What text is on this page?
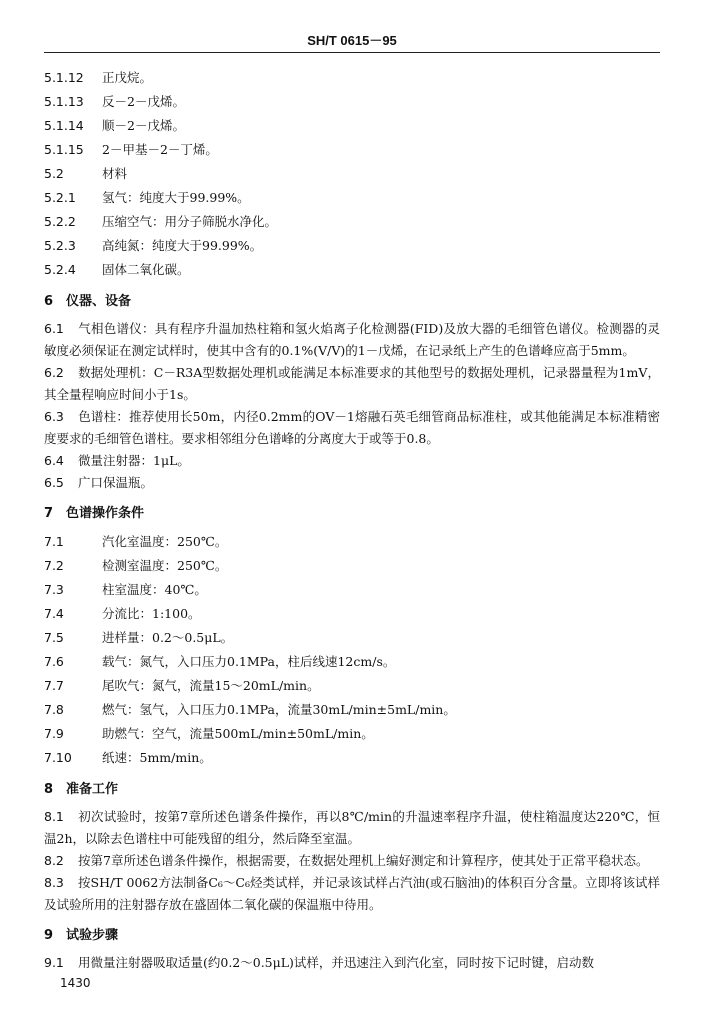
SH/T 0615－95
5.1.12 正戊烷。
5.1.13 反－2－戊烯。
5.1.14 顺－2－戊烯。
5.1.15 2－甲基－2－丁烯。
5.2	材料
5.2.1 氢气：纯度大于99.99%。
5.2.2 压缩空气：用分子筛脱水净化。
5.2.3 高纯氮：纯度大于99.99%。
5.2.4 固体二氧化碳。
6 仪器、设备
6.1 气相色谱仪：具有程序升温加热柱箱和氢火焰离子化检测器(FID)及放大器的毛细管色谱仪。检测器的灵敏度必须保证在测定试样时，使其中含有的0.1%(V/V)的1－戊烯，在记录纸上产生的色谱峰应高于5mm。
6.2 数据处理机：C－R3A型数据处理机或能满足本标准要求的其他型号的数据处理机，记录器量程为1mV，其全量程响应时间小于1s。
6.3 色谱柱：推荐使用长50m，内径0.2mm的OV－1熔融石英毛细管商品标准柱，或其他能满足本标准精密度要求的毛细管色谱柱。要求相邻组分色谱峰的分离度大于或等于0.8。
6.4 微量注射器：1μL。
6.5 广口保温瓶。
7 色谱操作条件
7.1	汽化室温度：250℃。
7.2	检测室温度：250℃。
7.3	柱室温度：40℃。
7.4	分流比：1:100。
7.5	进样量：0.2～0.5μL。
7.6	载气：氮气，入口压力0.1MPa，柱后线速12cm/s。
7.7	尾吹气：氮气，流量15～20mL/min。
7.8	燃气：氢气，入口压力0.1MPa，流量30mL/min±5mL/min。
7.9	助燃气：空气，流量500mL/min±50mL/min。
7.10 纸速：5mm/min。
8 准备工作
8.1 初次试验时，按第7章所述色谱条件操作，再以8℃/min的升温速率程序升温，使柱箱温度达220℃，恒温2h，以除去色谱柱中可能残留的组分，然后降至室温。
8.2 按第7章所述色谱条件操作，根据需要，在数据处理机上编好测定和计算程序，使其处于正常平稳状态。
8.3 按SH/T 0062方法制备C₆～C₆烃类试样，并记录该试样占汽油(或石脑油)的体积百分含量。立即将该试样及试验所用的注射器存放在盛固体二氧化碳的保温瓶中待用。
9 试验步骤
9.1 用微量注射器吸取适量(约0.2～0.5μL)试样，并迅速注入到汽化室，同时按下记时键，启动数
1430
